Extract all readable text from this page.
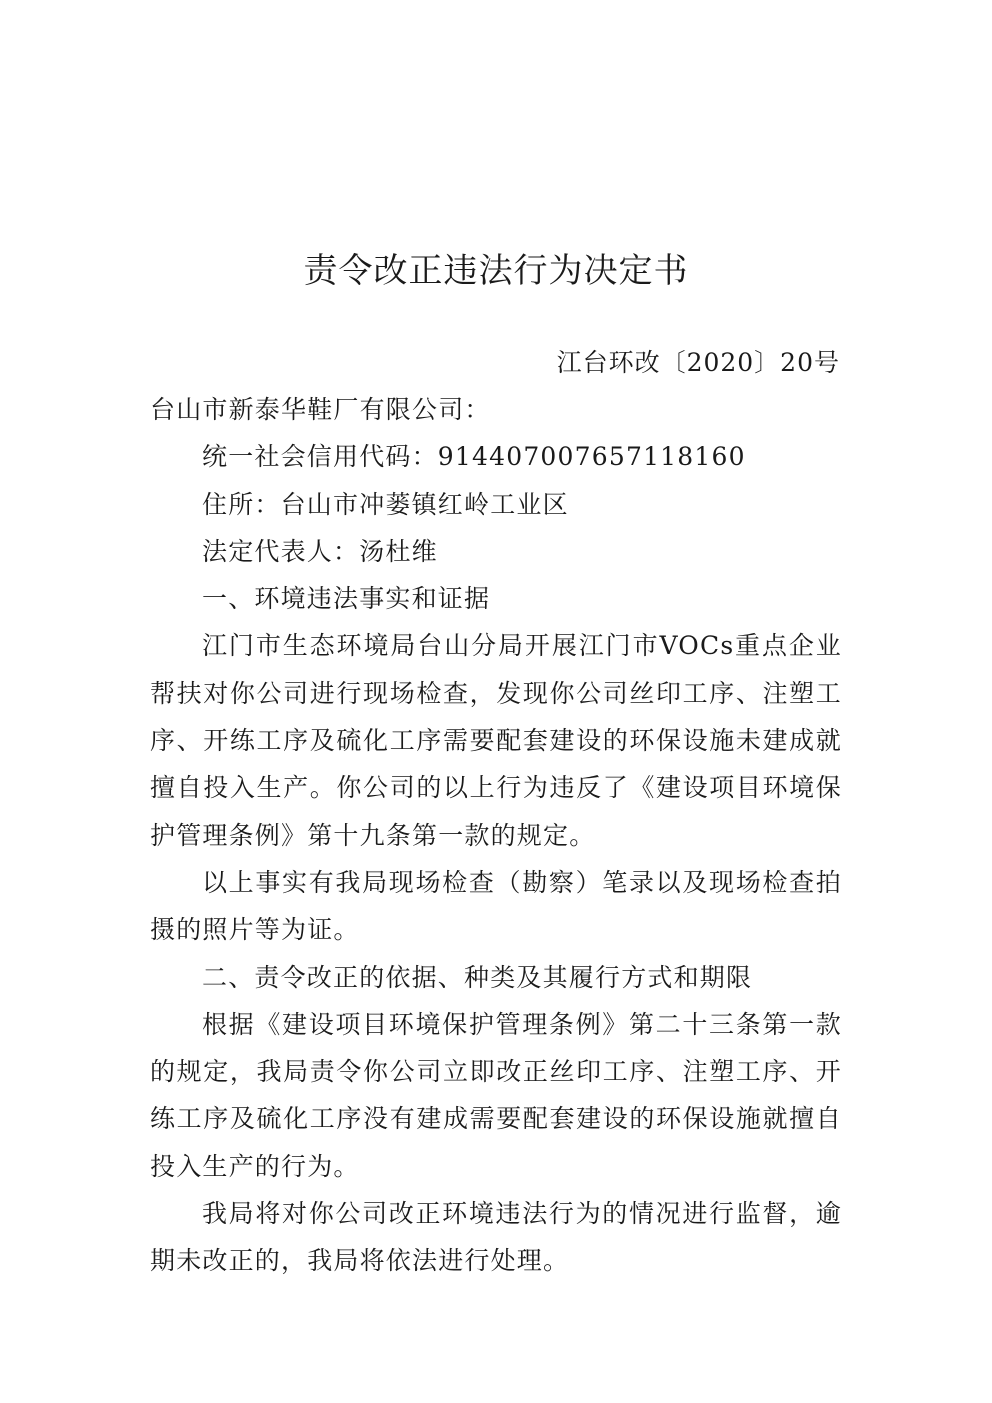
责令改正违法行为决定书
江台环改〔2020〕20号

台山市新泰华鞋厂有限公司：

统一社会信用代码：914407007657118160

住所：台山市冲蒌镇红岭工业区

法定代表人：汤杜维

一、环境违法事实和证据

江门市生态环境局台山分局开展江门市VOCs重点企业帮扶对你公司进行现场检查，发现你公司丝印工序、注塑工序、开练工序及硫化工序需要配套建设的环保设施未建成就擅自投入生产。你公司的以上行为违反了《建设项目环境保护管理条例》第十九条第一款的规定。

以上事实有我局现场检查（勘察）笔录以及现场检查拍摄的照片等为证。

二、责令改正的依据、种类及其履行方式和期限

根据《建设项目环境保护管理条例》第二十三条第一款的规定，我局责令你公司立即改正丝印工序、注塑工序、开练工序及硫化工序没有建成需要配套建设的环保设施就擅自投入生产的行为。

我局将对你公司改正环境违法行为的情况进行监督，逾期未改正的，我局将依法进行处理。
